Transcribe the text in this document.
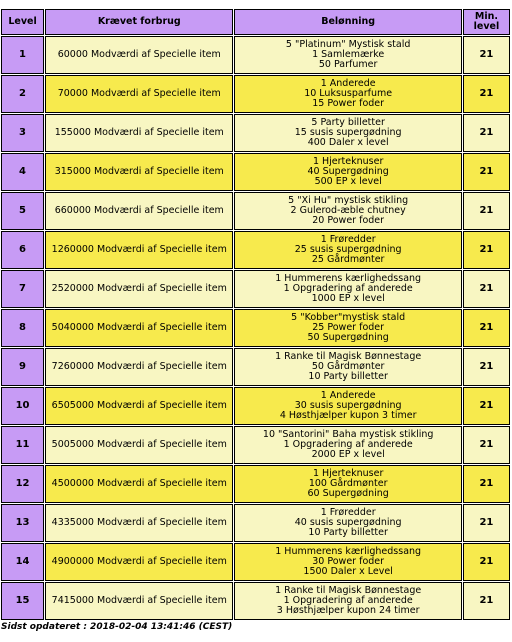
Level	Krævet forbrug	Belønning	Min. level
1	60000 Modværdi af Specielle item	5 "Platinum" Mystisk stald
1 Samlemærke
50 Parfumer	21
2	70000 Modværdi af Specielle item	1 Anderede
10 Luksusparfume
15 Power foder	21
3	155000 Modværdi af Specielle item	5 Party billetter
15 susis supergødning
400 Daler x level	21
4	315000 Modværdi af Specielle item	1 Hjerteknuser
40 Supergødning
500 EP x level	21
5	660000 Modværdi af Specielle item	5 "Xi Hu" mystisk stikling
2 Gulerod-æble chutney
20 Power foder	21
6	1260000 Modværdi af Specielle item	1 Frøredder
25 susis supergødning
25 Gårdmønter	21
7	2520000 Modværdi af Specielle item	1 Hummerens kærlighedssang
1 Opgradering af anderede
1000 EP x level	21
8	5040000 Modværdi af Specielle item	5 "Kobber"mystisk stald
25 Power foder
50 Supergødning	21
9	7260000 Modværdi af Specielle item	1 Ranke til Magisk Bønnestage
50 Gårdmønter
10 Party billetter	21
10	6505000 Modværdi af Specielle item	1 Anderede
30 susis supergødning
4 Høsthjælper kupon 3 timer	21
11	5005000 Modværdi af Specielle item	10 "Santorini" Baha mystisk stikling
1 Opgradering af anderede
2000 EP x level	21
12	4500000 Modværdi af Specielle item	1 Hjerteknuser
100 Gårdmønter
60 Supergødning	21
13	4335000 Modværdi af Specielle item	1 Frøredder
40 susis supergødning
10 Party billetter	21
14	4900000 Modværdi af Specielle item	1 Hummerens kærlighedssang
30 Power foder
1500 Daler x Level	21
15	7415000 Modværdi af Specielle item	1 Ranke til Magisk Bønnestage
1 Opgradering af anderede
3 Høsthjælper kupon 24 timer	21
Sidst opdateret : 2018-02-04 13:41:46 (CEST)
